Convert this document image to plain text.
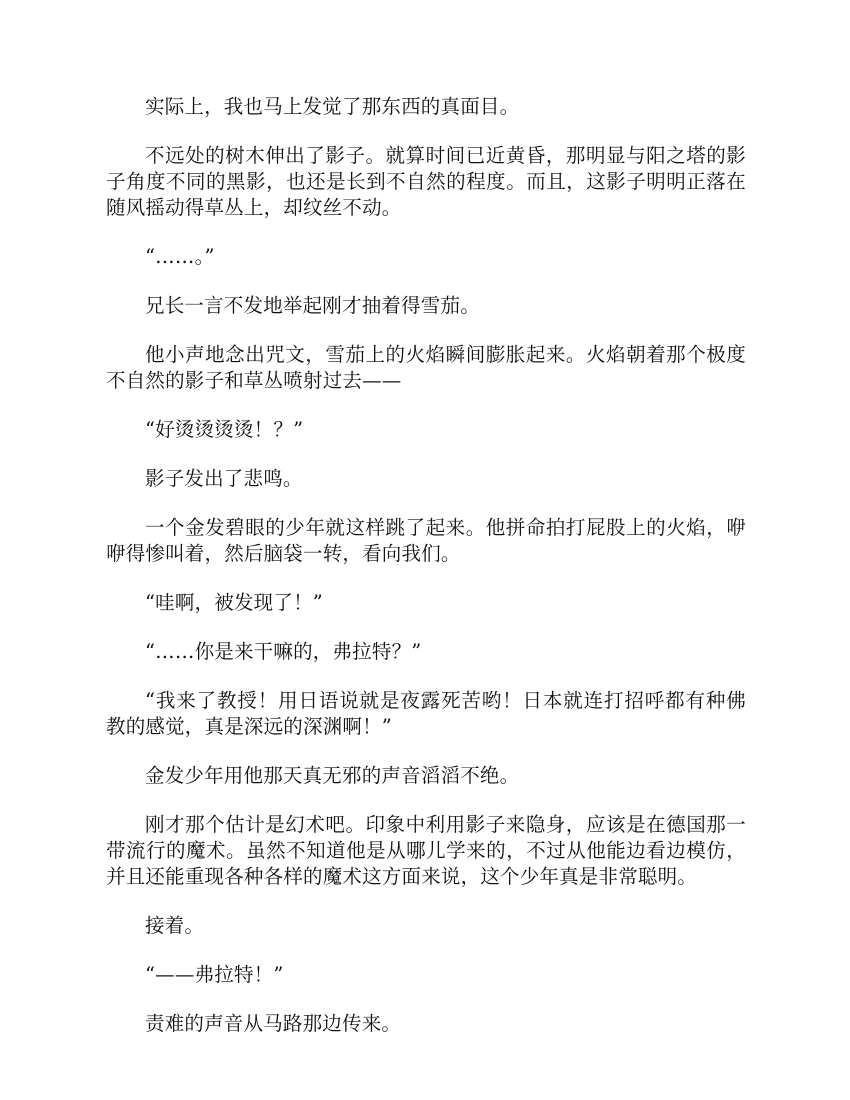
实际上，我也马上发觉了那东西的真面目。

不远处的树木伸出了影子。就算时间已近黄昏，那明显与阳之塔的影子角度不同的黑影，也还是长到不自然的程度。而且，这影子明明正落在随风摇动得草丛上，却纹丝不动。

“……。”

兄长一言不发地举起刚才抽着得雪茄。

他小声地念出咒文，雪茄上的火焰瞬间膨胀起来。火焰朝着那个极度不自然的影子和草丛喷射过去——

“好烫烫烫烫！？”

影子发出了悲鸣。

一个金发碧眼的少年就这样跳了起来。他拼命拍打屁股上的火焰，咿咿得惨叫着，然后脑袋一转，看向我们。

“哇啊，被发现了！”

“……你是来干嘛的，弗拉特？”

“我来了教授！用日语说就是夜露死苦哟！日本就连打招呼都有种佛教的感觉，真是深远的深渊啊！”

金发少年用他那天真无邪的声音滔滔不绝。

刚才那个估计是幻术吧。印象中利用影子来隐身，应该是在德国那一带流行的魔术。虽然不知道他是从哪儿学来的，不过从他能边看边模仿，并且还能重现各种各样的魔术这方面来说，这个少年真是非常聪明。

接着。

“——弗拉特！”

责难的声音从马路那边传来。
